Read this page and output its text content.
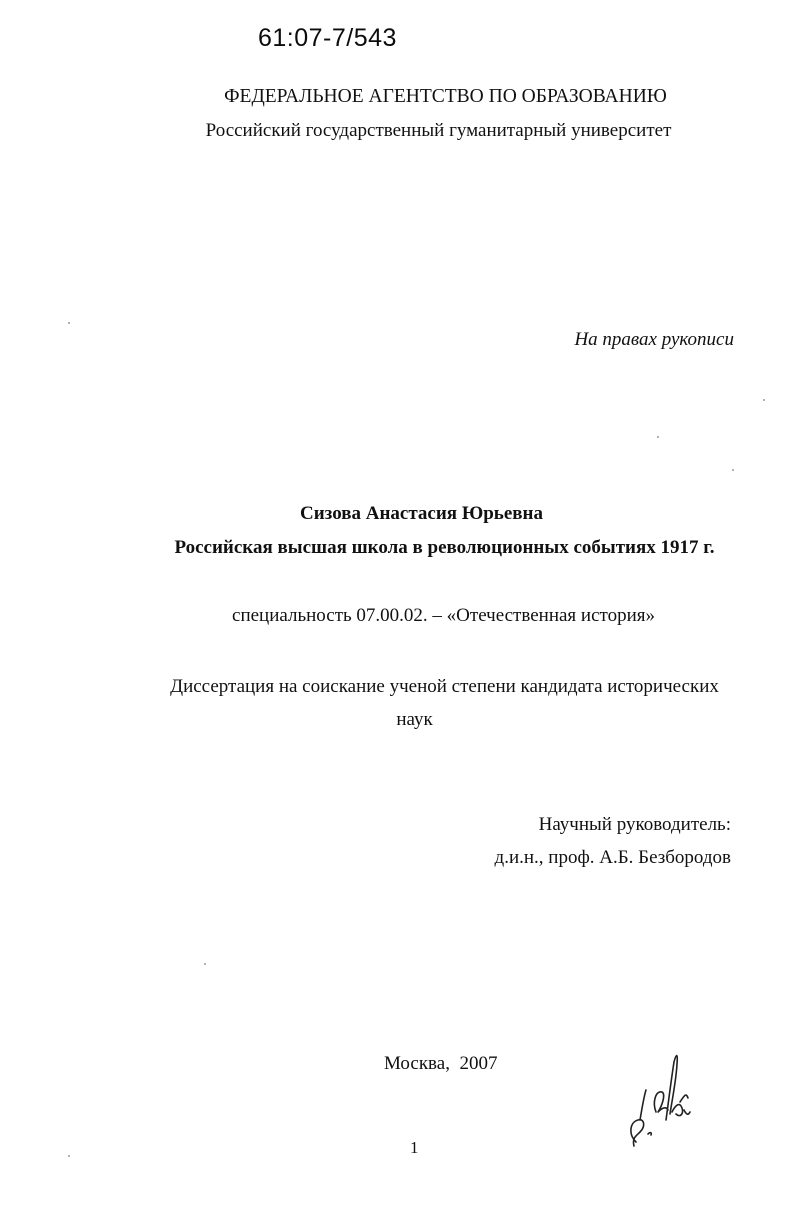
61:07-7/543
ФЕДЕРАЛЬНОЕ АГЕНТСТВО ПО ОБРАЗОВАНИЮ
Российский государственный гуманитарный университет
На правах рукописи
Сизова Анастасия Юрьевна
Российская высшая школа в революционных событиях 1917 г.
специальность 07.00.02. – «Отечественная история»
Диссертация на соискание ученой степени кандидата исторических
наук
Научный руководитель:
д.и.н., проф. А.Б. Безбородов
Москва,  2007
1
